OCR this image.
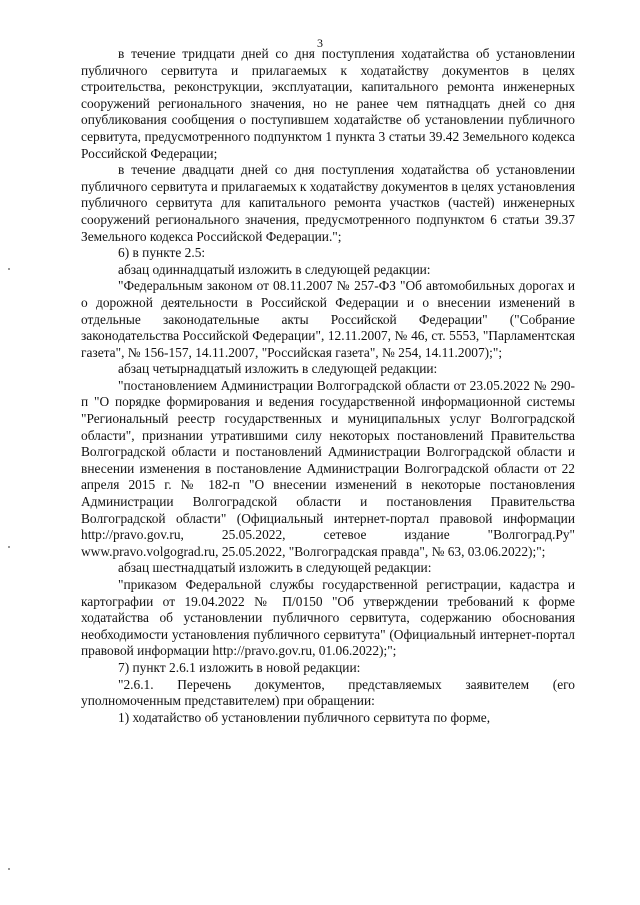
3

в течение тридцати дней со дня поступления ходатайства об установлении публичного сервитута и прилагаемых к ходатайству документов в целях строительства, реконструкции, эксплуатации, капитального ремонта инженерных сооружений регионального значения, но не ранее чем пятнадцать дней со дня опубликования сообщения о поступившем ходатайстве об установлении публичного сервитута, предусмотренного подпунктом 1 пункта 3 статьи 39.42 Земельного кодекса Российской Федерации;

в течение двадцати дней со дня поступления ходатайства об установлении публичного сервитута и прилагаемых к ходатайству документов в целях установления публичного сервитута для капитального ремонта участков (частей) инженерных сооружений регионального значения, предусмотренного подпунктом 6 статьи 39.37 Земельного кодекса Российской Федерации.";

6) в пункте 2.5:

абзац одиннадцатый изложить в следующей редакции:

"Федеральным законом от 08.11.2007 № 257-ФЗ "Об автомобильных дорогах и о дорожной деятельности в Российской Федерации и о внесении изменений в отдельные законодательные акты Российской Федерации" ("Собрание законодательства Российской Федерации", 12.11.2007, № 46, ст. 5553, "Парламентская газета", № 156-157, 14.11.2007, "Российская газета", № 254, 14.11.2007);";

абзац четырнадцатый изложить в следующей редакции:

"постановлением Администрации Волгоградской области от 23.05.2022 № 290-п "О порядке формирования и ведения государственной информационной системы "Региональный реестр государственных и муниципальных услуг Волгоградской области", признании утратившими силу некоторых постановлений Правительства Волгоградской области и постановлений Администрации Волгоградской области и внесении изменения в постановление Администрации Волгоградской области от 22 апреля 2015 г. № 182-п "О внесении изменений в некоторые постановления Администрации Волгоградской области и постановления Правительства Волгоградской области" (Официальный интернет-портал правовой информации http://pravo.gov.ru, 25.05.2022, сетевое издание "Волгоград.Ру" www.pravo.volgograd.ru, 25.05.2022, "Волгоградская правда", № 63, 03.06.2022);";

абзац шестнадцатый изложить в следующей редакции:

"приказом Федеральной службы государственной регистрации, кадастра и картографии от 19.04.2022 № П/0150 "Об утверждении требований к форме ходатайства об установлении публичного сервитута, содержанию обоснования необходимости установления публичного сервитута" (Официальный интернет-портал правовой информации http://pravo.gov.ru, 01.06.2022);";

7) пункт 2.6.1 изложить в новой редакции:

"2.6.1. Перечень документов, представляемых заявителем (его уполномоченным представителем) при обращении:

1) ходатайство об установлении публичного сервитута по форме,
